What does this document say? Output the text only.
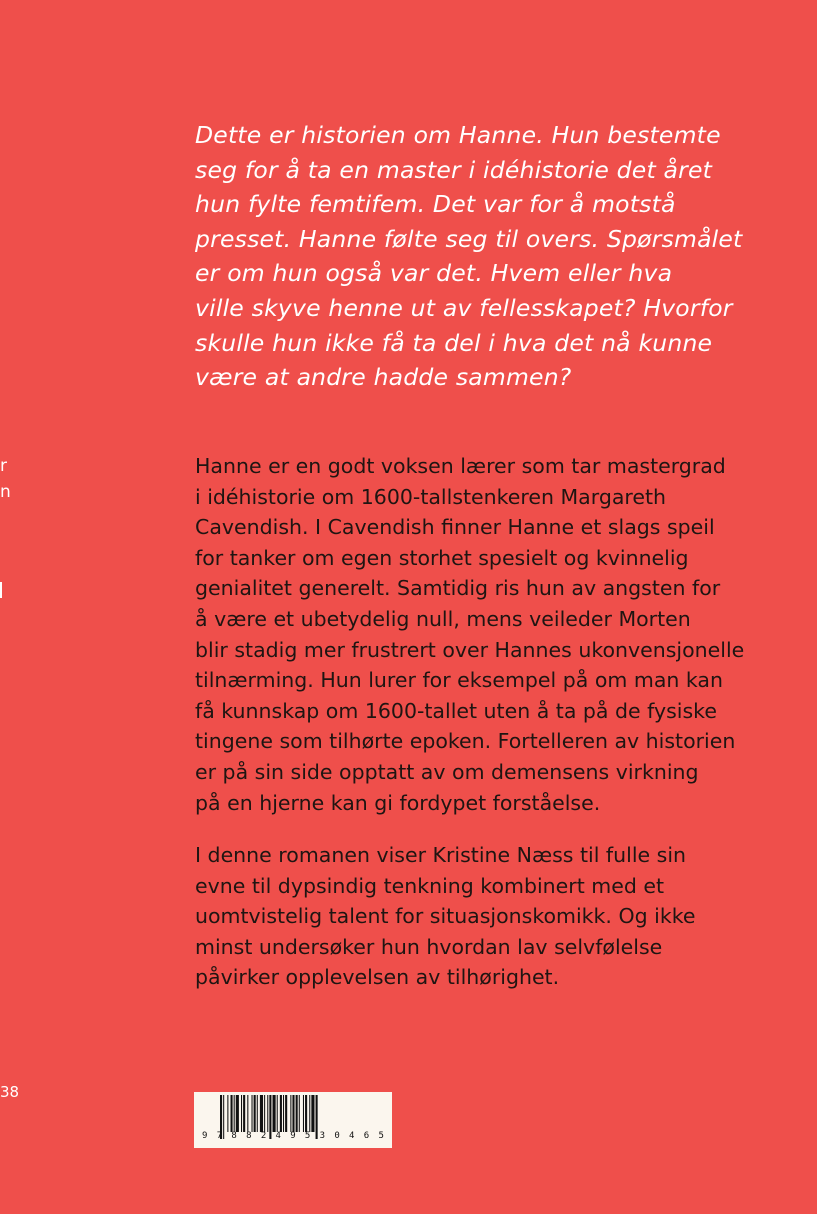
r
n
38

Dette er historien om Hanne. Hun bestemte
seg for å ta en master i idéhistorie det året
hun fylte femtifem. Det var for å motstå
presset. Hanne følte seg til overs. Spørsmålet
er om hun også var det. Hvem eller hva
ville skyve henne ut av fellesskapet? Hvorfor
skulle hun ikke få ta del i hva det nå kunne
være at andre hadde sammen?

Hanne er en godt voksen lærer som tar mastergrad
i idéhistorie om 1600-tallstenkeren Margareth
Cavendish. I Cavendish finner Hanne et slags speil
for tanker om egen storhet spesielt og kvinnelig
genialitet generelt. Samtidig ris hun av angsten for
å være et ubetydelig null, mens veileder Morten
blir stadig mer frustrert over Hannes ukonvensjonelle
tilnærming. Hun lurer for eksempel på om man kan
få kunnskap om 1600-tallet uten å ta på de fysiske
tingene som tilhørte epoken. Fortelleren av historien
er på sin side opptatt av om demensens virkning
på en hjerne kan gi fordypet forståelse.

I denne romanen viser Kristine Næss til fulle sin
evne til dypsindig tenkning kombinert med et
uomtvistelig talent for situasjonskomikk. Og ikke
minst undersøker hun hvordan lav selvfølelse
påvirker opplevelsen av tilhørighet.

9 7 8 8 2 4 9 5 3 0 4 6 5
